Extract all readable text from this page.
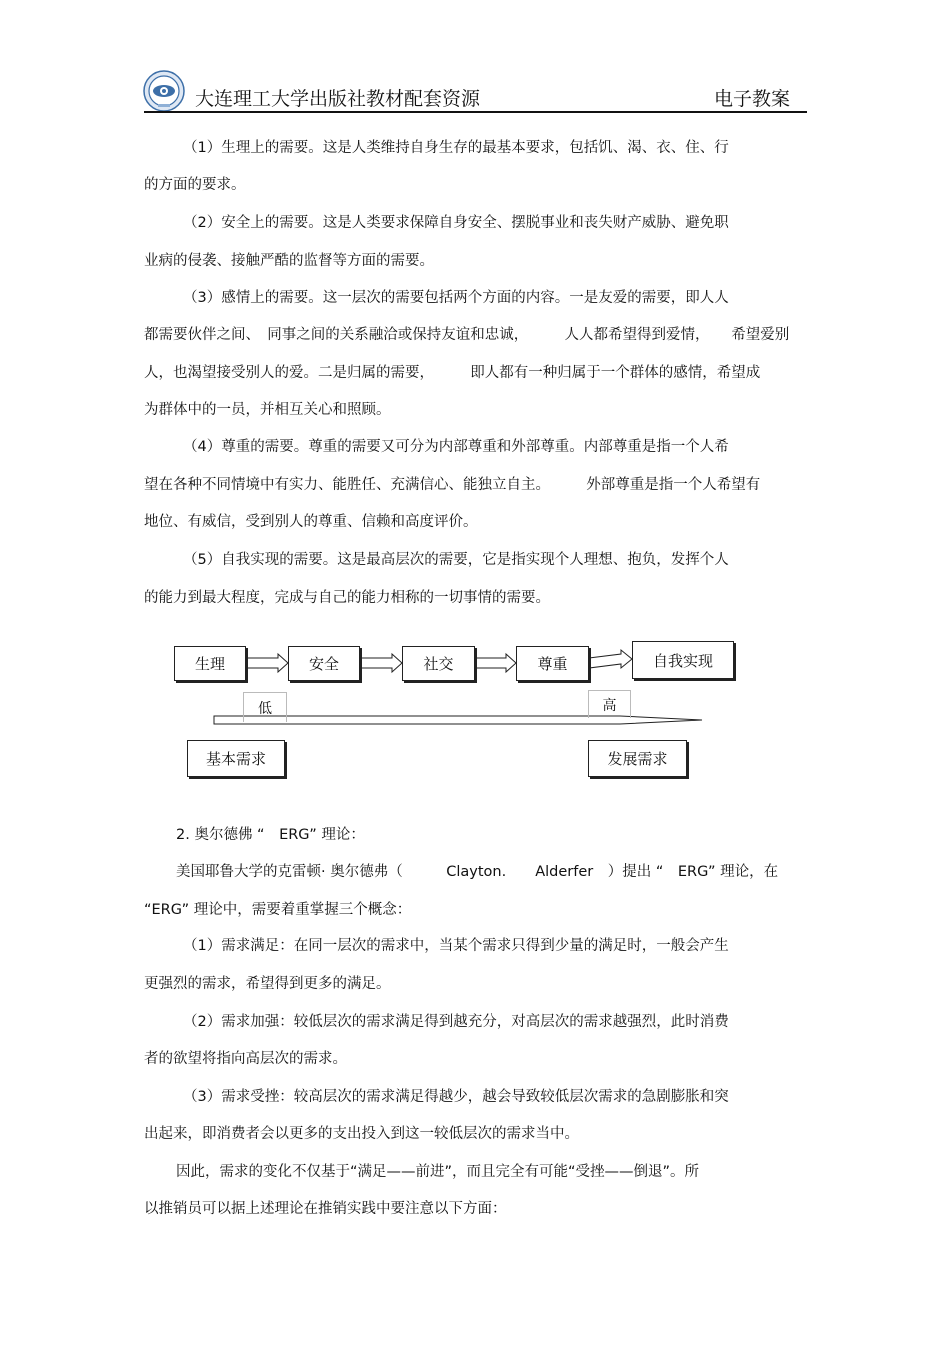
大连理工大学出版社教材配套资源	电子教案
（1）生理上的需要。这是人类维持自身生存的最基本要求，包括饥、渴、衣、住、行
的方面的要求。
（2）安全上的需要。这是人类要求保障自身安全、摆脱事业和丧失财产威胁、避免职
业病的侵袭、接触严酷的监督等方面的需要。
（3）感情上的需要。这一层次的需要包括两个方面的内容。一是友爱的需要，即人人
都需要伙伴之间、　同事之间的关系融洽或保持友谊和忠诚，　　　人人都希望得到爱情，　　希望爱别
人，也渴望接受别人的爱。二是归属的需要，　　　即人都有一种归属于一个群体的感情，希望成
为群体中的一员，并相互关心和照顾。
（4）尊重的需要。尊重的需要又可分为内部尊重和外部尊重。内部尊重是指一个人希
望在各种不同情境中有实力、能胜任、充满信心、能独立自主。　　　外部尊重是指一个人希望有
地位、有威信，受到别人的尊重、信赖和高度评价。
（5）自我实现的需要。这是最高层次的需要，它是指实现个人理想、抱负，发挥个人
的能力到最大程度，完成与自己的能力相称的一切事情的需要。
生理	安全	社交	尊重	自我实现
低	高
基本需求	发展需求
2. 奥尔德佛 “　ERG” 理论：
美国耶鲁大学的克雷顿· 奥尔德弗（　　　Clayton.　　Alderfer　）提出 “　ERG” 理论，在
“ERG” 理论中，需要着重掌握三个概念：
（1）需求满足：在同一层次的需求中，当某个需求只得到少量的满足时，一般会产生
更强烈的需求，希望得到更多的满足。
（2）需求加强：较低层次的需求满足得到越充分，对高层次的需求越强烈，此时消费
者的欲望将指向高层次的需求。
（3）需求受挫：较高层次的需求满足得越少，越会导致较低层次需求的急剧膨胀和突
出起来，即消费者会以更多的支出投入到这一较低层次的需求当中。
因此，需求的变化不仅基于“满足——前进”，而且完全有可能“受挫——倒退”。所
以推销员可以据上述理论在推销实践中要注意以下方面：
